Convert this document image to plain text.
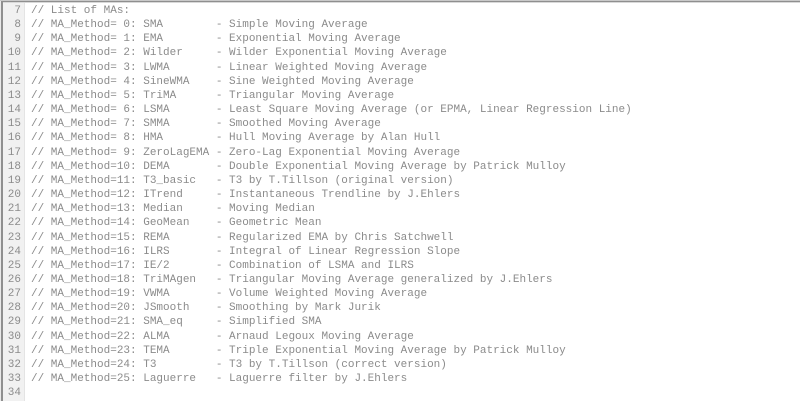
7 // List of MAs:
8 // MA_Method= 0: SMA        - Simple Moving Average
9 // MA_Method= 1: EMA        - Exponential Moving Average
10 // MA_Method= 2: Wilder     - Wilder Exponential Moving Average
11 // MA_Method= 3: LWMA       - Linear Weighted Moving Average
12 // MA_Method= 4: SineWMA    - Sine Weighted Moving Average
13 // MA_Method= 5: TriMA      - Triangular Moving Average
14 // MA_Method= 6: LSMA       - Least Square Moving Average (or EPMA, Linear Regression Line)
15 // MA_Method= 7: SMMA       - Smoothed Moving Average
16 // MA_Method= 8: HMA        - Hull Moving Average by Alan Hull
17 // MA_Method= 9: ZeroLagEMA - Zero-Lag Exponential Moving Average
18 // MA_Method=10: DEMA       - Double Exponential Moving Average by Patrick Mulloy
19 // MA_Method=11: T3_basic   - T3 by T.Tillson (original version)
20 // MA_Method=12: ITrend     - Instantaneous Trendline by J.Ehlers
21 // MA_Method=13: Median     - Moving Median
22 // MA_Method=14: GeoMean    - Geometric Mean
23 // MA_Method=15: REMA       - Regularized EMA by Chris Satchwell
24 // MA_Method=16: ILRS       - Integral of Linear Regression Slope
25 // MA_Method=17: IE/2       - Combination of LSMA and ILRS
26 // MA_Method=18: TriMAgen   - Triangular Moving Average generalized by J.Ehlers
27 // MA_Method=19: VWMA       - Volume Weighted Moving Average
28 // MA_Method=20: JSmooth    - Smoothing by Mark Jurik
29 // MA_Method=21: SMA_eq     - Simplified SMA
30 // MA_Method=22: ALMA       - Arnaud Legoux Moving Average
31 // MA_Method=23: TEMA       - Triple Exponential Moving Average by Patrick Mulloy
32 // MA_Method=24: T3         - T3 by T.Tillson (correct version)
33 // MA_Method=25: Laguerre   - Laguerre filter by J.Ehlers
34
